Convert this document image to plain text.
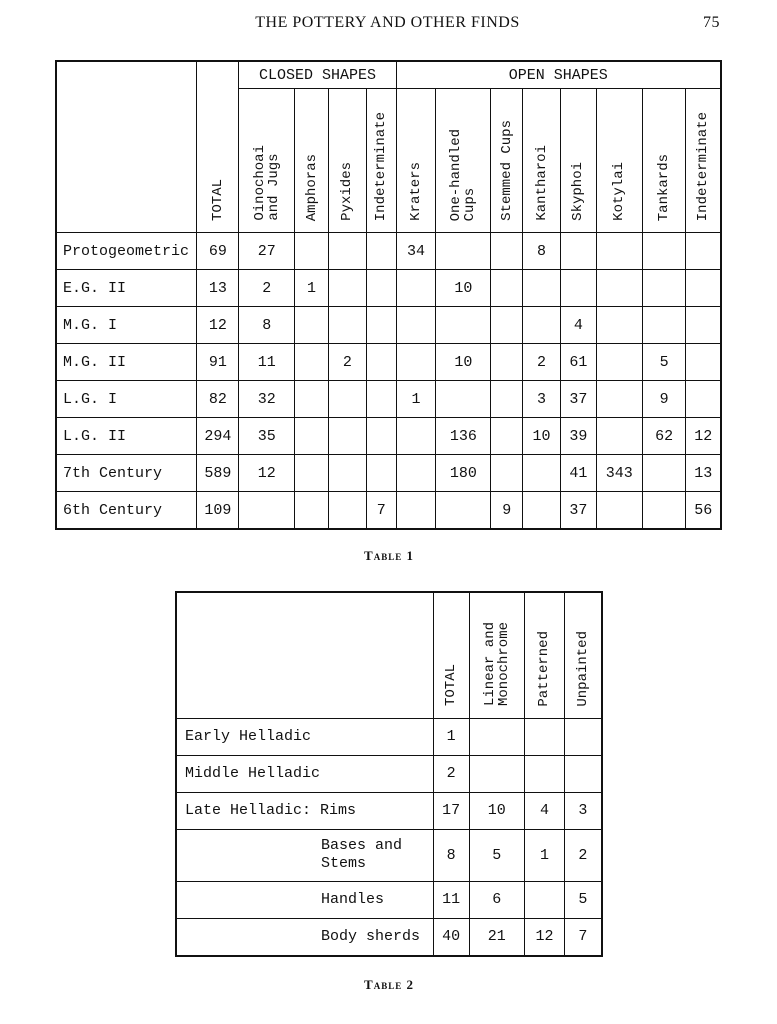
THE POTTERY AND OTHER FINDS	75
	TOTAL	CLOSED SHAPES				OPEN SHAPES							
		Oinochoai
and Jugs	Amphoras	Pyxides	Indeterminate	Kraters	One-handled
Cups	Stemmed Cups	Kantharoi	Skyphoi	Kotylai	Tankards	Indeterminate
Protogeometric	69	27				34			8				
E.G. II	13	2	1				10						
M.G. I	12	8								4			
M.G. II	91	11		2			10		2	61		5	
L.G. I	82	32				1			3	37		9	
L.G. II	294	35					136		10	39		62	12
7th Century	589	12					180			41	343		13
6th Century	109				7			9		37			56
Table 1
	TOTAL	Linear and
Monochrome	Patterned	Unpainted
Early Helladic	1			
Middle Helladic	2			
Late Helladic: Rims	17	10	4	3
Bases and
Stems	8	5	1	2
Handles	11	6		5
Body sherds	40	21	12	7
Table 2
